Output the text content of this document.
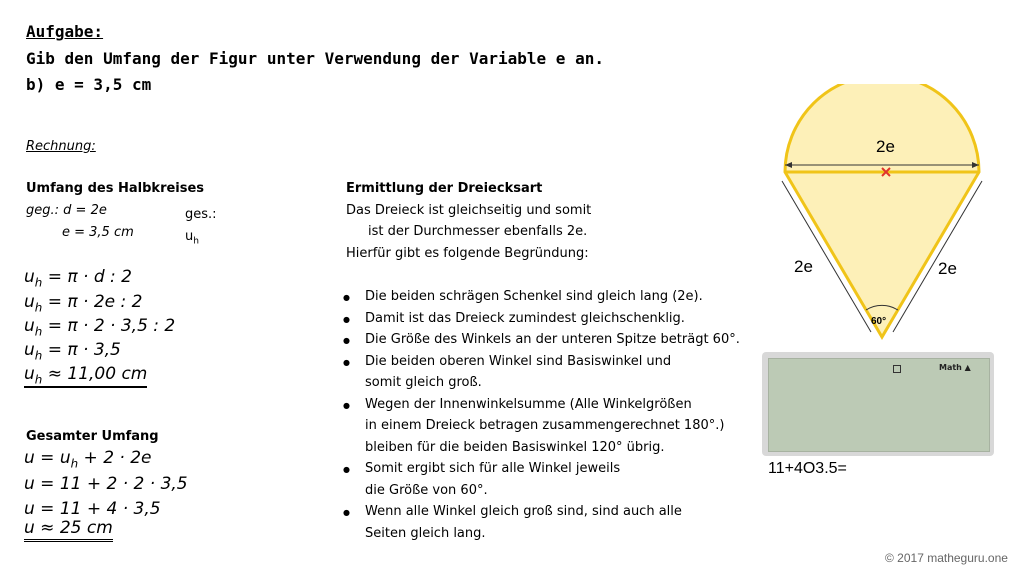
Aufgabe:
Gib den Umfang der Figur unter Verwendung der Variable e an.
b) e = 3,5 cm
Rechnung:
Umfang des Halbkreises
geg.: d = 2e
e = 3,5 cm
ges.:
$u_h$
$u_h = \pi \cdot d$ : 2
$u_h = \pi \cdot 2e$ : 2
$u_h = \pi \cdot 2 \cdot 3,5$ : 2
$u_h = \pi \cdot 3,5$
$u_h \approx 11,00$ cm
Gesamter Umfang
$u = u_h + 2 \cdot 2e$
u = 11 + 2 · 2 · 3,5
u = 11 + 4 · 3,5
u ≈ 25 cm
Ermittlung der Dreiecksart
Das Dreieck ist gleichseitig und somit
ist der Durchmesser ebenfalls 2e.
Hierfür gibt es folgende Begründung:
● Die beiden schrägen Schenkel sind gleich lang (2e).
● Damit ist das Dreieck zumindest gleichschenklig.
● Die Größe des Winkels an der unteren Spitze beträgt 60°.
● Die beiden oberen Winkel sind Basiswinkel und
somit gleich groß.
● Wegen der Innenwinkelsumme (Alle Winkelgrößen
in einem Dreieck betragen zusammengerechnet 180°.)
bleiben für die beiden Basiswinkel 120° übrig.
● Somit ergibt sich für alle Winkel jeweils
die Größe von 60°.
● Wenn alle Winkel gleich groß sind, sind auch alle
Seiten gleich lang.
2e
2e	2e
60°
Math ▲
11+4O3.5=
© 2017 matheguru.one
